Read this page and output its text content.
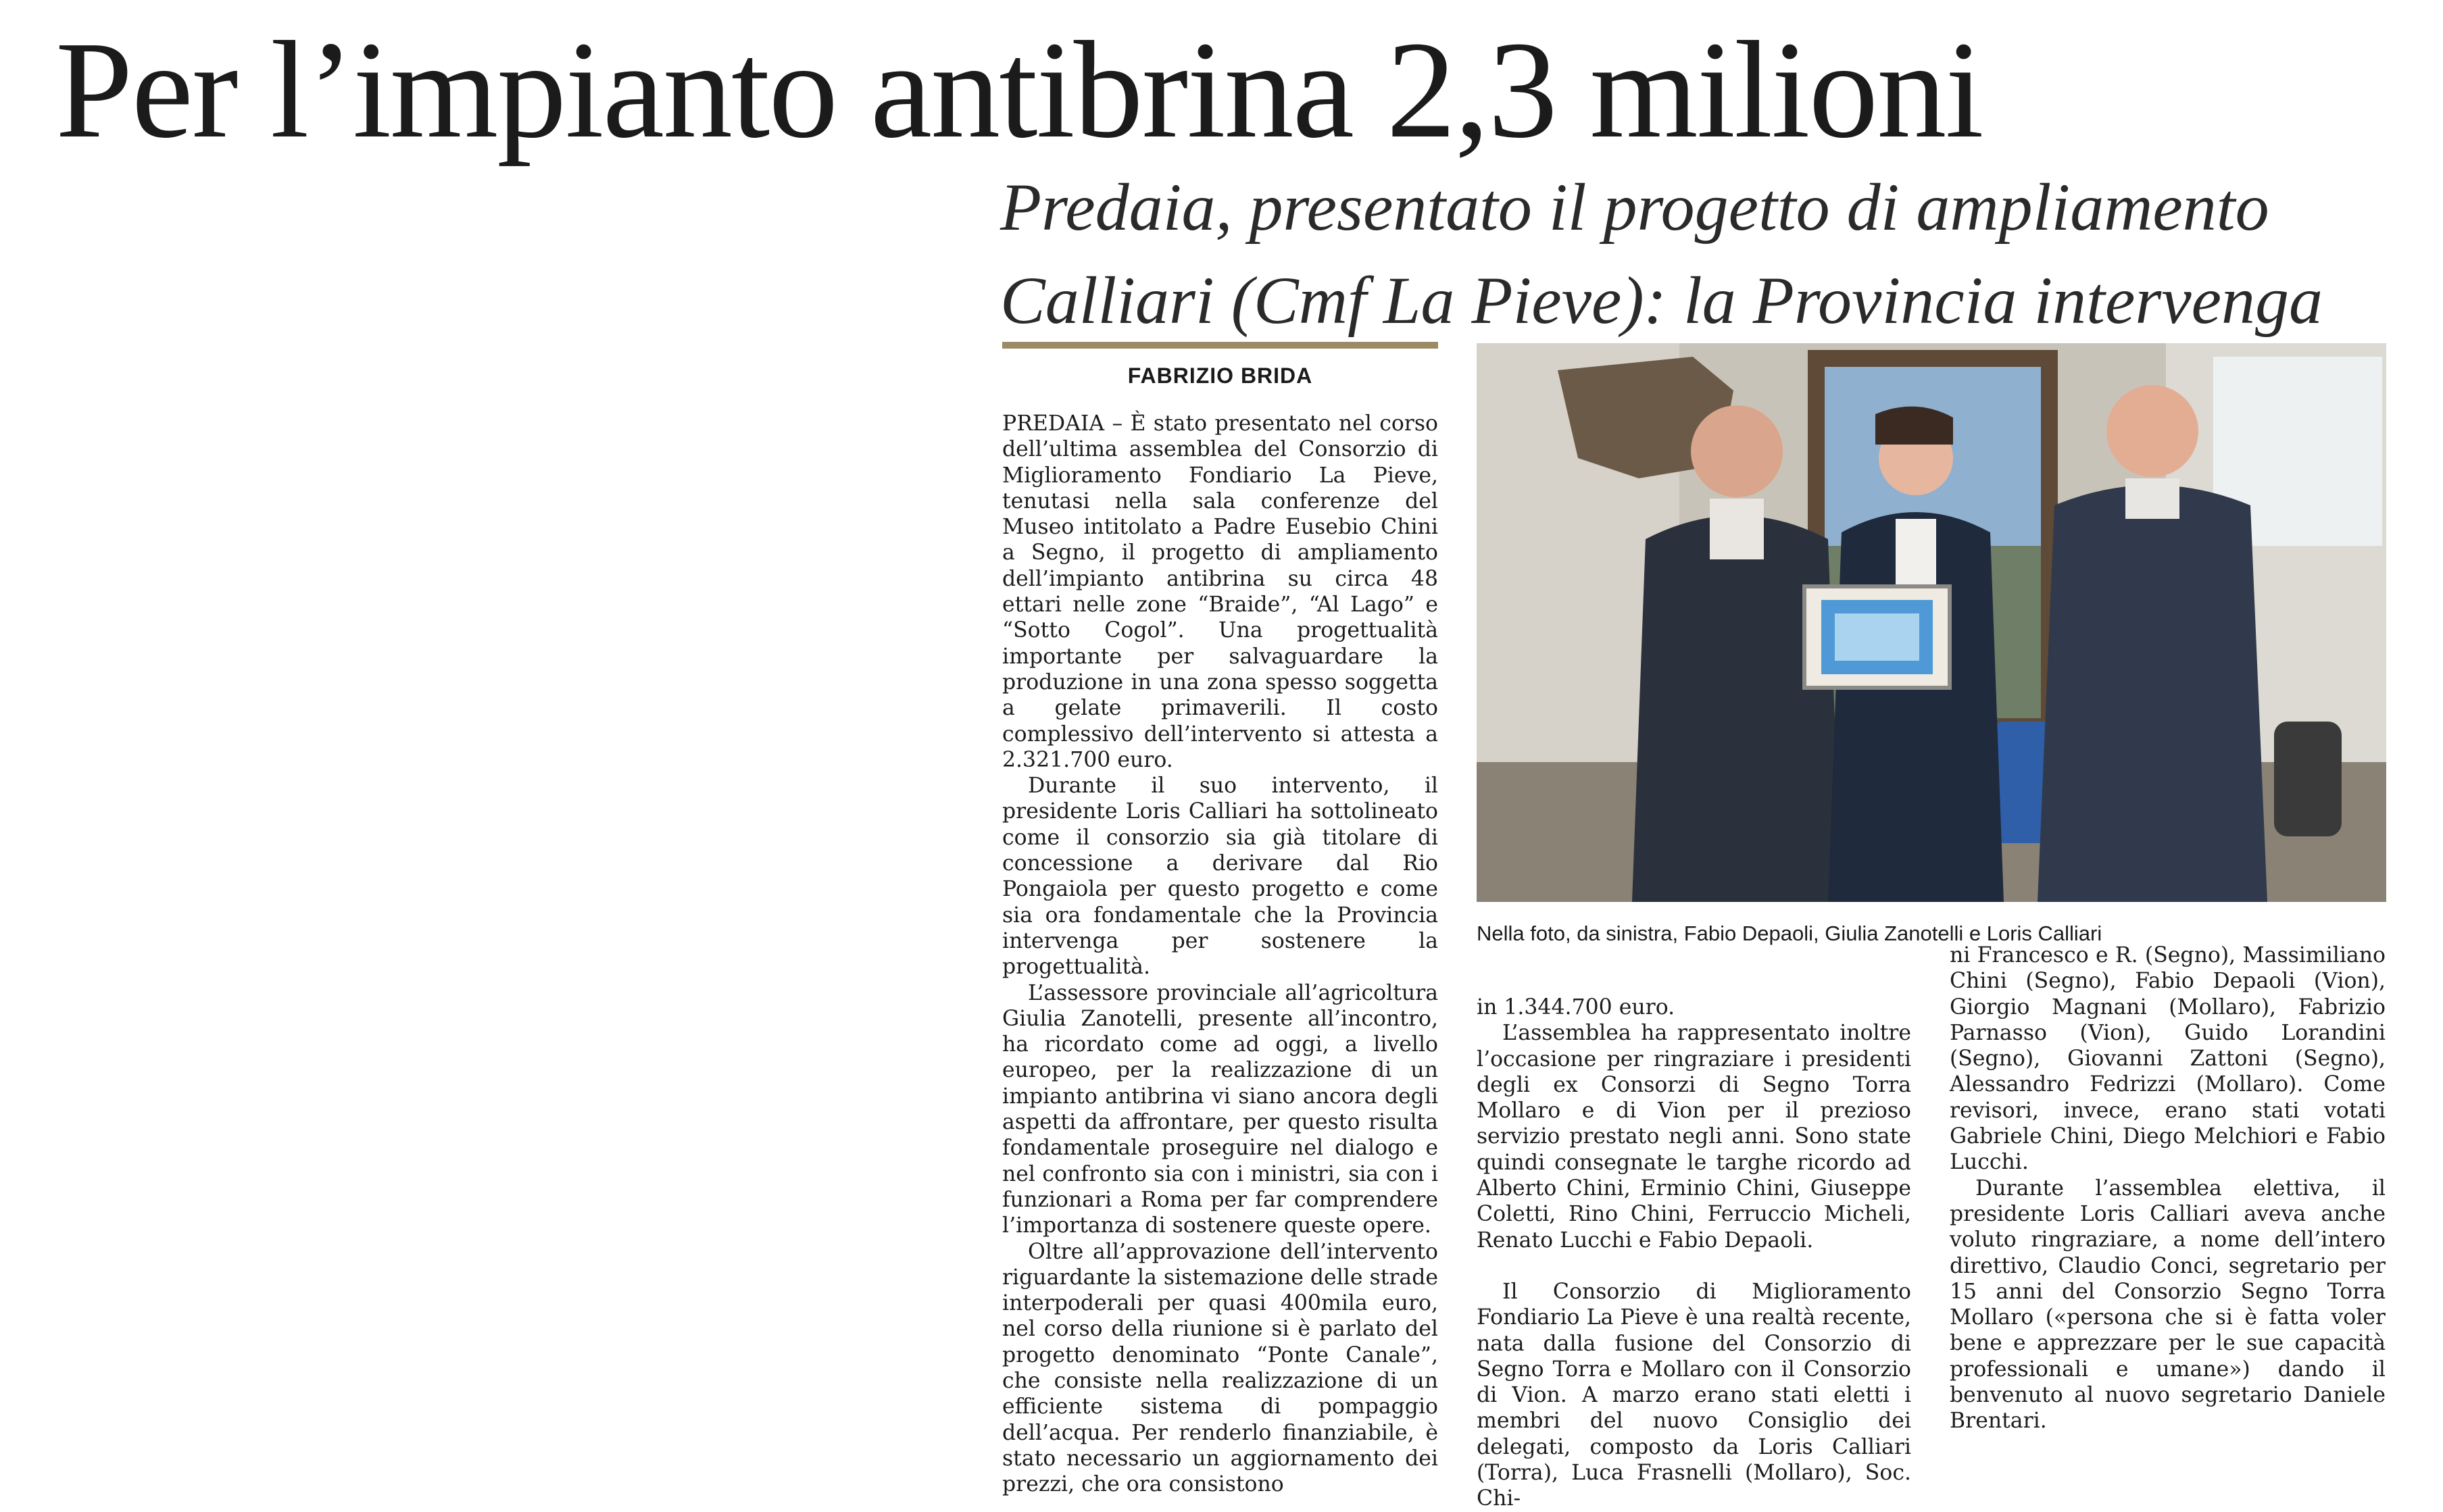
Per l’impianto antibrina 2,3 milioni
Predaia, presentato il progetto di ampliamento Calliari (Cmf La Pieve): la Provincia intervenga
FABRIZIO BRIDA

PREDAIA – È stato presentato nel corso dell’ultima assemblea del Consorzio di Miglioramento Fondiario La Pieve, tenutasi nella sala conferenze del Museo intitolato a Padre Eusebio Chini a Segno, il progetto di ampliamento dell’impianto antibrina su circa 48 ettari nelle zone “Braide”, “Al Lago” e “Sotto Cogol”. Una progettualità importante per salvaguardare la produzione in una zona spesso soggetta a gelate primaverili. Il costo complessivo dell’intervento si attesta a 2.321.700 euro.

Durante il suo intervento, il presidente Loris Calliari ha sottolineato come il consorzio sia già titolare di concessione a derivare dal Rio Pongaiola per questo progetto e come sia ora fondamentale che la Provincia intervenga per sostenere la progettualità.

L’assessore provinciale all’agricoltura Giulia Zanotelli, presente all’incontro, ha ricordato come ad oggi, a livello europeo, per la realizzazione di un impianto antibrina vi siano ancora degli aspetti da affrontare, per questo risulta fondamentale proseguire nel dialogo e nel confronto sia con i ministri, sia con i funzionari a Roma per far comprendere l’importanza di sostenere queste opere.

Oltre all’approvazione dell’intervento riguardante la sistemazione delle strade interpoderali per quasi 400mila euro, nel corso della riunione si è parlato del progetto denominato “Ponte Canale”, che consiste nella realizzazione di un efficiente sistema di pompaggio dell’acqua. Per renderlo finanziabile, è stato necessario un aggiornamento dei prezzi, che ora consistono

Nella foto, da sinistra, Fabio Depaoli, Giulia Zanotelli e Loris Calliari

in 1.344.700 euro.

L’assemblea ha rappresentato inoltre l’occasione per ringraziare i presidenti degli ex Consorzi di Segno Torra Mollaro e di Vion per il prezioso servizio prestato negli anni. Sono state quindi consegnate le targhe ricordo ad Alberto Chini, Erminio Chini, Giuseppe Coletti, Rino Chini, Ferruccio Micheli, Renato Lucchi e Fabio Depaoli.

Il Consorzio di Miglioramento Fondiario La Pieve è una realtà recente, nata dalla fusione del Consorzio di Segno Torra e Mollaro con il Consorzio di Vion. A marzo erano stati eletti i membri del nuovo Consiglio dei delegati, composto da Loris Calliari (Torra), Luca Frasnelli (Mollaro), Soc. Chi-

ni Francesco e R. (Segno), Massimiliano Chini (Segno), Fabio Depaoli (Vion), Giorgio Magnani (Mollaro), Fabrizio Parnasso (Vion), Guido Lorandini (Segno), Giovanni Zattoni (Segno), Alessandro Fedrizzi (Mollaro). Come revisori, invece, erano stati votati Gabriele Chini, Diego Melchiori e Fabio Lucchi.

Durante l’assemblea elettiva, il presidente Loris Calliari aveva anche voluto ringraziare, a nome dell’intero direttivo, Claudio Conci, segretario per 15 anni del Consorzio Segno Torra Mollaro («persona che si è fatta voler bene e apprezzare per le sue capacità professionali e umane») dando il benvenuto al nuovo segretario Daniele Brentari.
